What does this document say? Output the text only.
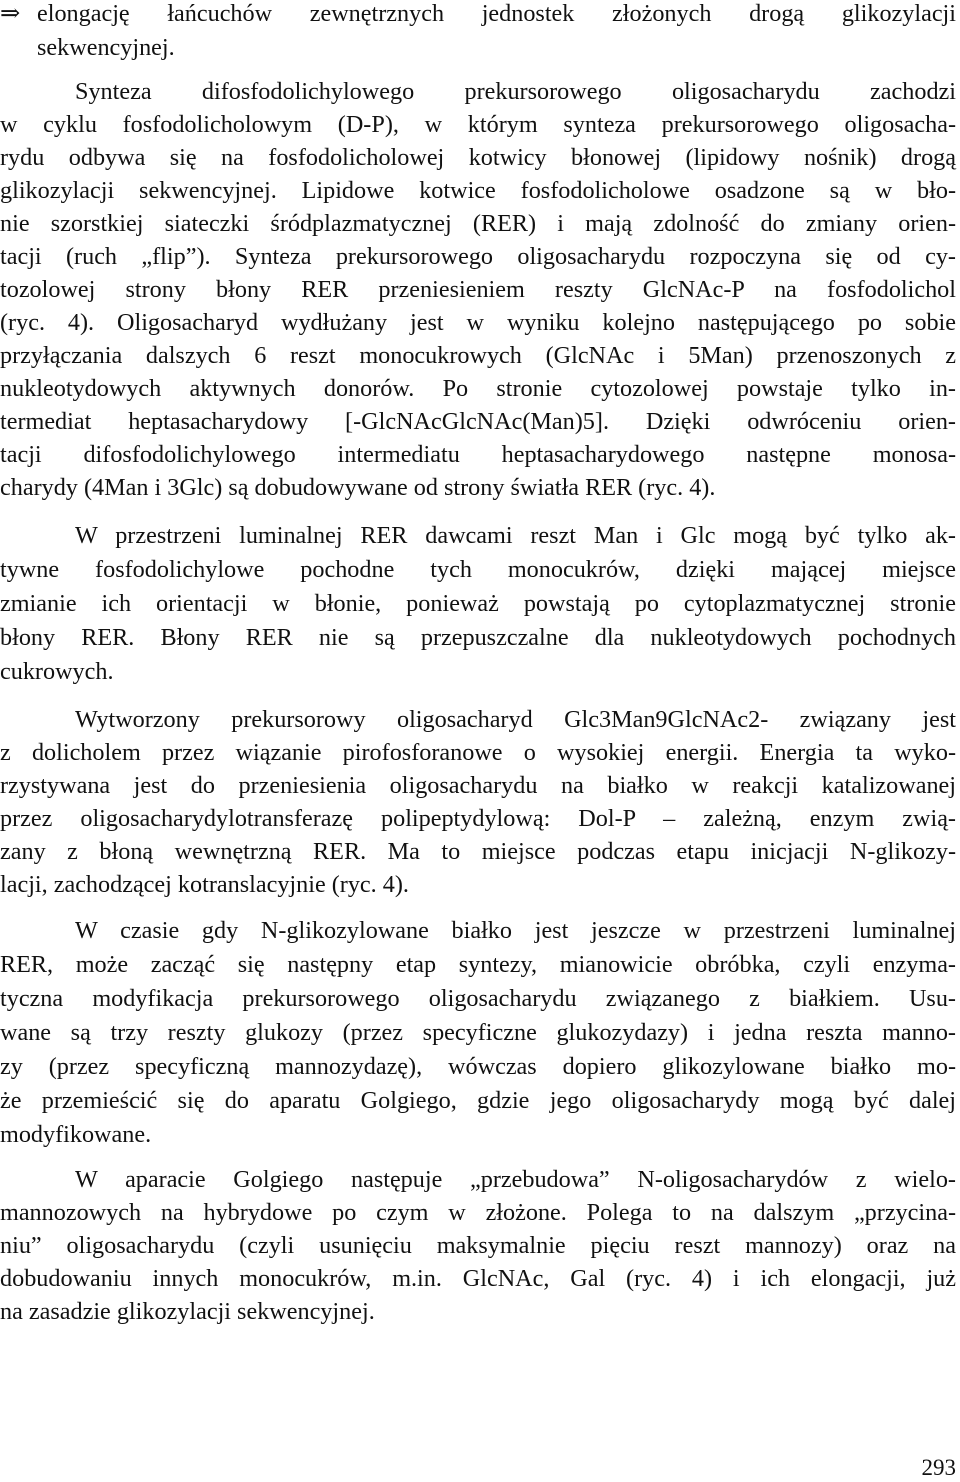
⇒ elongację łańcuchów zewnętrznych jednostek złożonych drogą glikozylacji
sekwencyjnej.
Synteza difosfodolichylowego prekursorowego oligosacharydu zachodzi
w cyklu fosfodolicholowym (D-P), w którym synteza prekursorowego oligosacha-
rydu odbywa się na fosfodolicholowej kotwicy błonowej (lipidowy nośnik) drogą
glikozylacji sekwencyjnej. Lipidowe kotwice fosfodolicholowe osadzone są w bło-
nie szorstkiej siateczki śródplazmatycznej (RER) i mają zdolność do zmiany orien-
tacji (ruch „flip”). Synteza prekursorowego oligosacharydu rozpoczyna się od cy-
tozolowej strony błony RER przeniesieniem reszty GlcNAc-P na fosfodolichol
(ryc. 4). Oligosacharyd wydłużany jest w wyniku kolejno następującego po sobie
przyłączania dalszych 6 reszt monocukrowych (GlcNAc i 5Man) przenoszonych z
nukleotydowych aktywnych donorów. Po stronie cytozolowej powstaje tylko in-
termediat heptasacharydowy [-GlcNAcGlcNAc(Man)5]. Dzięki odwróceniu orien-
tacji difosfodolichylowego intermediatu heptasacharydowego następne monosa-
charydy (4Man i 3Glc) są dobudowywane od strony światła RER (ryc. 4).
W przestrzeni luminalnej RER dawcami reszt Man i Glc mogą być tylko ak-
tywne fosfodolichylowe pochodne tych monocukrów, dzięki mającej miejsce
zmianie ich orientacji w błonie, ponieważ powstają po cytoplazmatycznej stronie
błony RER. Błony RER nie są przepuszczalne dla nukleotydowych pochodnych
cukrowych.
Wytworzony prekursorowy oligosacharyd Glc3Man9GlcNAc2- związany jest
z dolicholem przez wiązanie pirofosforanowe o wysokiej energii. Energia ta wyko-
rzystywana jest do przeniesienia oligosacharydu na białko w reakcji katalizowanej
przez oligosacharydylotransferazę polipeptydylową: Dol-P – zależną, enzym zwią-
zany z błoną wewnętrzną RER. Ma to miejsce podczas etapu inicjacji N-glikozy-
lacji, zachodzącej kotranslacyjnie (ryc. 4).
W czasie gdy N-glikozylowane białko jest jeszcze w przestrzeni luminalnej
RER, może zacząć się następny etap syntezy, mianowicie obróbka, czyli enzyma-
tyczna modyfikacja prekursorowego oligosacharydu związanego z białkiem. Usu-
wane są trzy reszty glukozy (przez specyficzne glukozydazy) i jedna reszta manno-
zy (przez specyficzną mannozydazę), wówczas dopiero glikozylowane białko mo-
że przemieścić się do aparatu Golgiego, gdzie jego oligosacharydy mogą być dalej
modyfikowane.
W aparacie Golgiego następuje „przebudowa” N-oligosacharydów z wielo-
mannozowych na hybrydowe po czym w złożone. Polega to na dalszym „przycina-
niu” oligosacharydu (czyli usunięciu maksymalnie pięciu reszt mannozy) oraz na
dobudowaniu innych monocukrów, m.in. GlcNAc, Gal (ryc. 4) i ich elongacji, już
na zasadzie glikozylacji sekwencyjnej.
293
